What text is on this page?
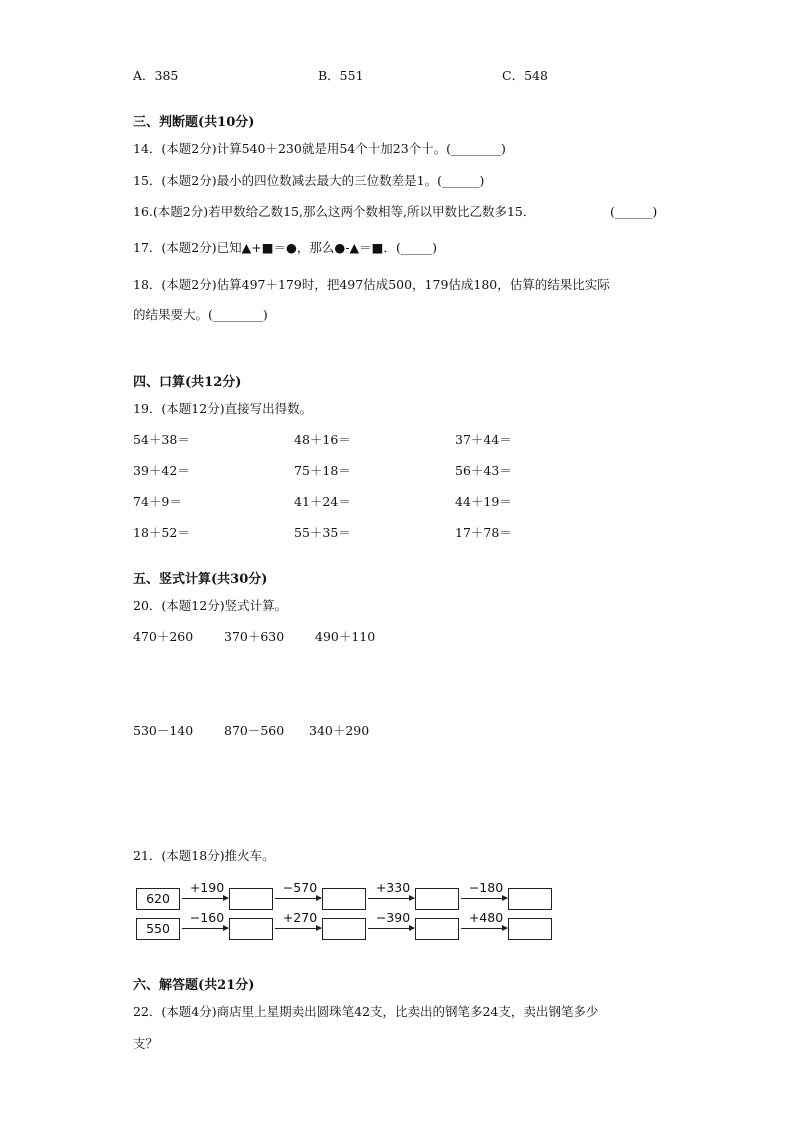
A．385	B．551	C．548
三、判断题(共10分)
14．(本题2分)计算540＋230就是用54个十加23个十。(________)
15．(本题2分)最小的四位数减去最大的三位数差是1。(______)
16.(本题2分)若甲数给乙数15,那么这两个数相等,所以甲数比乙数多15．	(______)
17．(本题2分)已知▲+■＝●，那么●-▲＝■．(_____)
18．(本题2分)估算497＋179时，把497估成500，179估成180，估算的结果比实际
的结果要大。(________)
四、口算(共12分)
19．(本题12分)直接写出得数。
54＋38＝	48＋16＝	37＋44＝
39＋42＝	75＋18＝	56＋43＝
74＋9＝	41＋24＝	44＋19＝
18＋52＝	55＋35＝	17＋78＝
五、竖式计算(共30分)
20．(本题12分)竖式计算。
470＋260 370＋630 490＋110
530－140 870－560 340＋290
21．(本题18分)推火车。
620
+190	−570	+330	−180
550
−160	+270	−390	+480
六、解答题(共21分)
22．(本题4分)商店里上星期卖出圆珠笔42支，比卖出的钢笔多24支，卖出钢笔多少
支？
